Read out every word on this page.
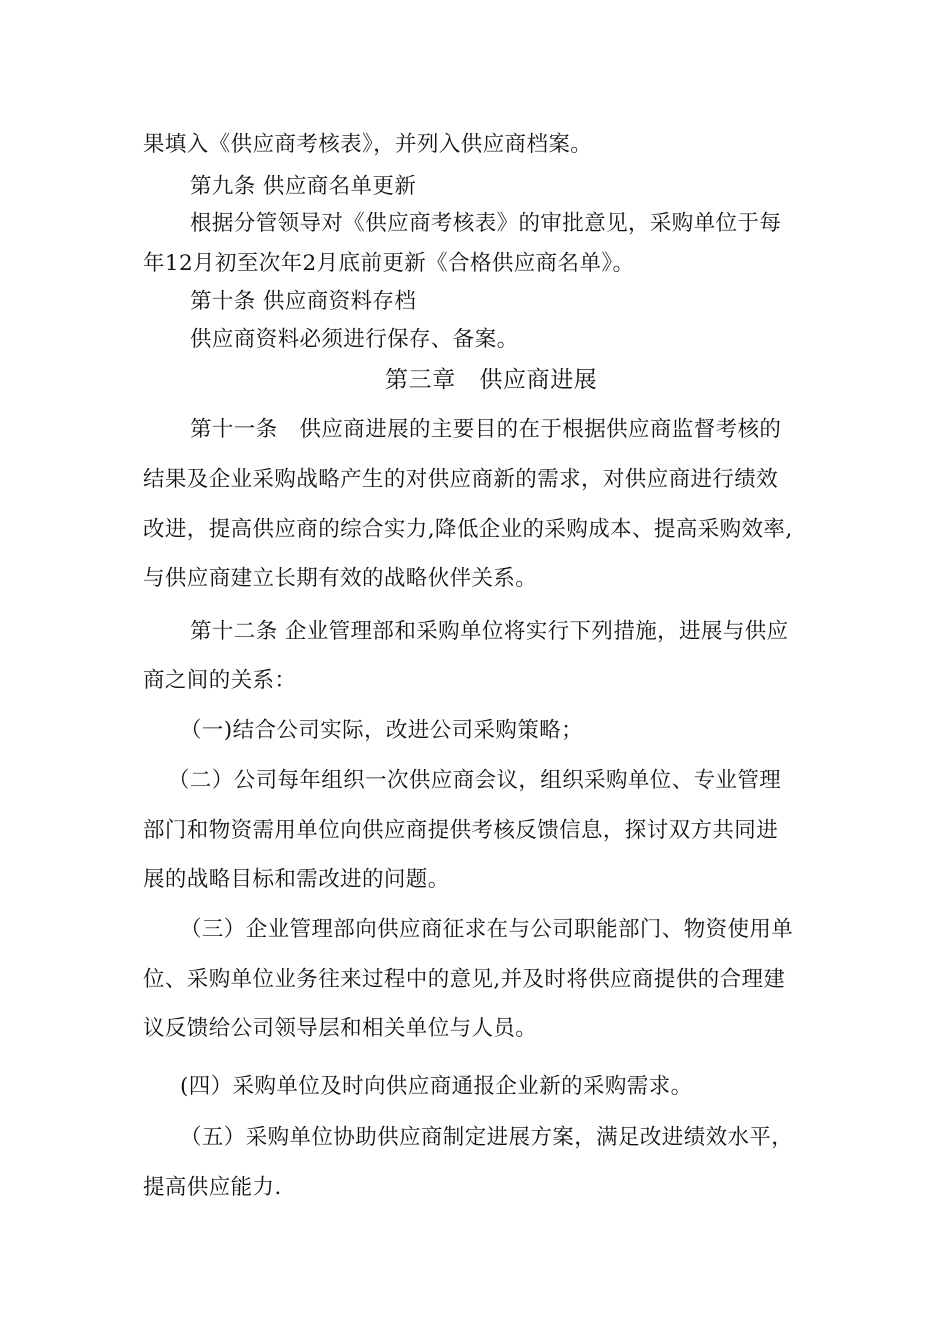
果填入《供应商考核表》，并列入供应商档案。
第九条 供应商名单更新
根据分管领导对《供应商考核表》的审批意见，采购单位于每
年12月初至次年2月底前更新《合格供应商名单》。
第十条 供应商资料存档
供应商资料必须进行保存、备案。
第三章　供应商进展
第十一条　供应商进展的主要目的在于根据供应商监督考核的
结果及企业采购战略产生的对供应商新的需求，对供应商进行绩效
改进，提高供应商的综合实力,降低企业的采购成本、提高采购效率,
与供应商建立长期有效的战略伙伴关系。
第十二条 企业管理部和采购单位将实行下列措施，进展与供应
商之间的关系：
（一)结合公司实际，改进公司采购策略；
（二）公司每年组织一次供应商会议，组织采购单位、专业管理
部门和物资需用单位向供应商提供考核反馈信息，探讨双方共同进
展的战略目标和需改进的问题。
（三）企业管理部向供应商征求在与公司职能部门、物资使用单
位、采购单位业务往来过程中的意见,并及时将供应商提供的合理建
议反馈给公司领导层和相关单位与人员。
(四）采购单位及时向供应商通报企业新的采购需求。
（五）采购单位协助供应商制定进展方案，满足改进绩效水平，
提高供应能力.
